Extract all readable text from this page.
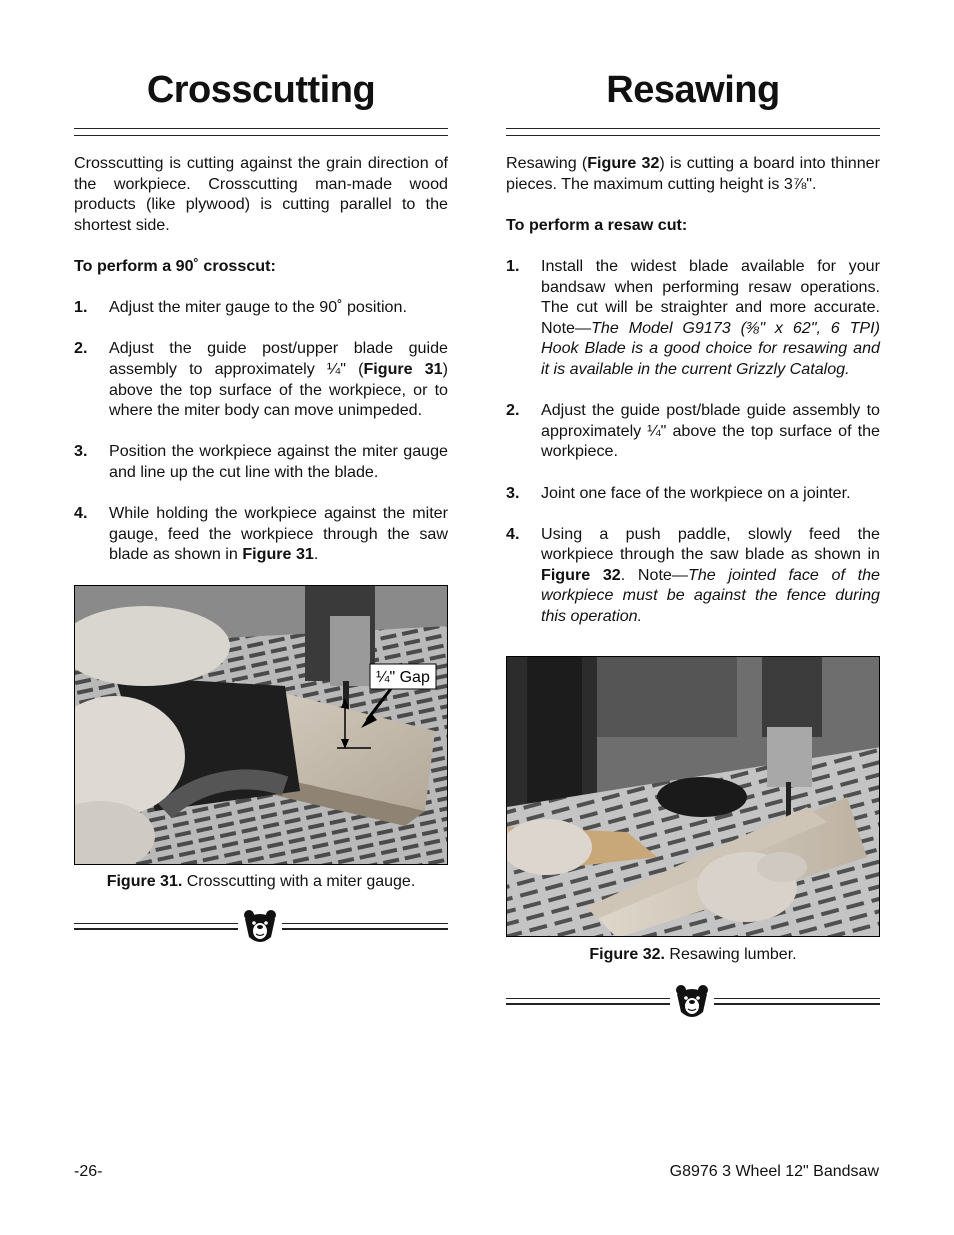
Crosscutting

Crosscutting is cutting against the grain direction of the workpiece. Crosscutting man-made wood products (like plywood) is cutting parallel to the shortest side.

To perform a 90˚ crosscut:

1. Adjust the miter gauge to the 90˚ position.
2. Adjust the guide post/upper blade guide assembly to approximately ¼" (Figure 31) above the top surface of the workpiece, or to where the miter body can move unimpeded.
3. Position the workpiece against the miter gauge and line up the cut line with the blade.
4. While holding the workpiece against the miter gauge, feed the workpiece through the saw blade as shown in Figure 31.
¼" Gap
Figure 31. Crosscutting with a miter gauge.
Resawing

Resawing (Figure 32) is cutting a board into thinner pieces. The maximum cutting height is 3⅞".

To perform a resaw cut:

1. Install the widest blade available for your bandsaw when performing resaw operations. The cut will be straighter and more accurate. Note—The Model G9173 (⅜" x 62", 6 TPI) Hook Blade is a good choice for resawing and it is available in the current Grizzly Catalog.
2. Adjust the guide post/blade guide assembly to approximately ¼" above the top surface of the workpiece.
3. Joint one face of the workpiece on a jointer.
4. Using a push paddle, slowly feed the workpiece through the saw blade as shown in Figure 32. Note—The jointed face of the workpiece must be against the fence during this operation.
Figure 32. Resawing lumber.
-26-	G8976 3 Wheel 12" Bandsaw
